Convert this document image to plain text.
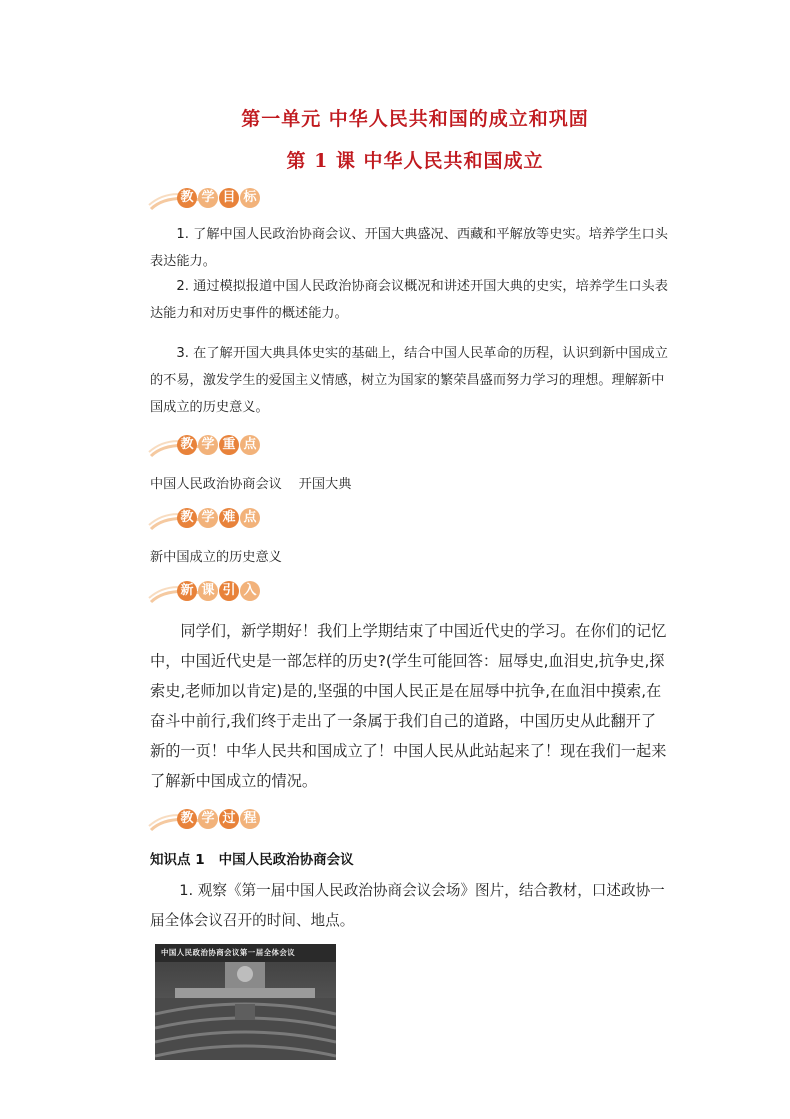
第一单元 中华人民共和国的成立和巩固
第 1 课 中华人民共和国成立
教 学 目 标
1. 了解中国人民政治协商会议、开国大典盛况、西藏和平解放等史实。培养学生口头表达能力。
2. 通过模拟报道中国人民政治协商会议概况和讲述开国大典的史实，培养学生口头表达能力和对历史事件的概述能力。
3. 在了解开国大典具体史实的基础上，结合中国人民革命的历程，认识到新中国成立的不易，激发学生的爱国主义情感，树立为国家的繁荣昌盛而努力学习的理想。理解新中国成立的历史意义。
教 学 重 点
中国人民政治协商会议    开国大典
教 学 难 点
新中国成立的历史意义
新 课 引 入
同学们，新学期好！我们上学期结束了中国近代史的学习。在你们的记忆中，中国近代史是一部怎样的历史?(学生可能回答：屈辱史,血泪史,抗争史,探索史,老师加以肯定)是的,坚强的中国人民正是在屈辱中抗争,在血泪中摸索,在奋斗中前行,我们终于走出了一条属于我们自己的道路，中国历史从此翻开了新的一页！中华人民共和国成立了！中国人民从此站起来了！现在我们一起来了解新中国成立的情况。
教 学 过 程
知识点 1 中国人民政治协商会议
1. 观察《第一届中国人民政治协商会议会场》图片，结合教材，口述政协一届全体会议召开的时间、地点。
中国人民政治协商会议第一届全体会议
